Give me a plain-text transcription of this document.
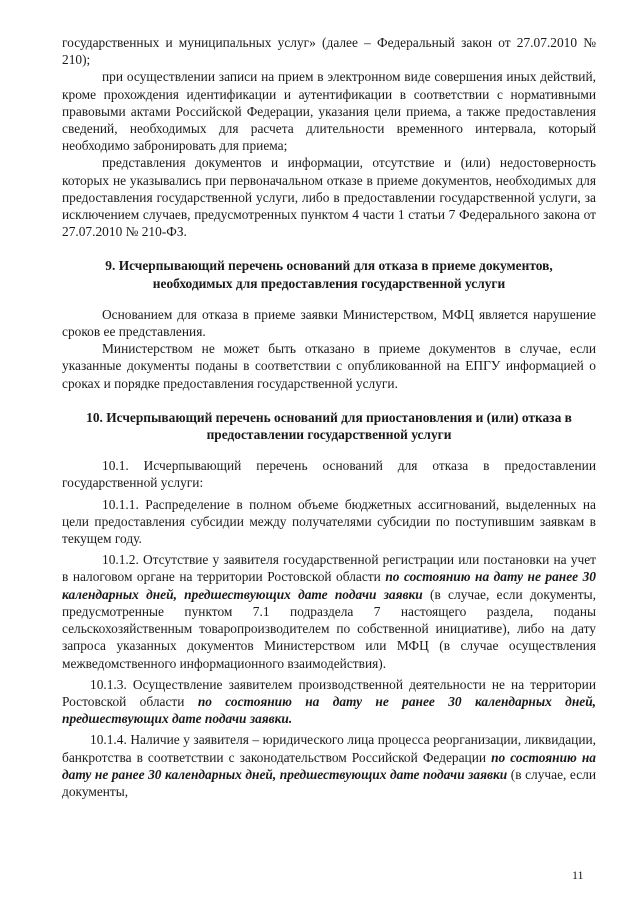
государственных и муниципальных услуг» (далее – Федеральный закон от 27.07.2010 № 210);

при осуществлении записи на прием в электронном виде совершения иных действий, кроме прохождения идентификации и аутентификации в соответствии с нормативными правовыми актами Российской Федерации, указания цели приема, а также предоставления сведений, необходимых для расчета длительности временного интервала, который необходимо забронировать для приема;

представления документов и информации, отсутствие и (или) недостоверность которых не указывались при первоначальном отказе в приеме документов, необходимых для предоставления государственной услуги, либо в предоставлении государственной услуги, за исключением случаев, предусмотренных пунктом 4 части 1 статьи 7 Федерального закона от 27.07.2010 № 210-ФЗ.

9. Исчерпывающий перечень оснований для отказа в приеме документов, необходимых для предоставления государственной услуги

Основанием для отказа в приеме заявки Министерством, МФЦ является нарушение сроков ее представления.

Министерством не может быть отказано в приеме документов в случае, если указанные документы поданы в соответствии с опубликованной на ЕПГУ информацией о сроках и порядке предоставления государственной услуги.

10. Исчерпывающий перечень оснований для приостановления и (или) отказа в предоставлении государственной услуги

10.1. Исчерпывающий перечень оснований для отказа в предоставлении государственной услуги:

10.1.1. Распределение в полном объеме бюджетных ассигнований, выделенных на цели предоставления субсидии между получателями субсидии по поступившим заявкам в текущем году.

10.1.2. Отсутствие у заявителя государственной регистрации или постановки на учет в налоговом органе на территории Ростовской области по состоянию на дату не ранее 30 календарных дней, предшествующих дате подачи заявки (в случае, если документы, предусмотренные пунктом 7.1 подраздела 7 настоящего раздела, поданы сельскохозяйственным товаропроизводителем по собственной инициативе), либо на дату запроса указанных документов Министерством или МФЦ (в случае осуществления межведомственного информационного взаимодействия).

10.1.3. Осуществление заявителем производственной деятельности не на территории Ростовской области по состоянию на дату не ранее 30 календарных дней, предшествующих дате подачи заявки.

10.1.4. Наличие у заявителя – юридического лица процесса реорганизации, ликвидации, банкротства в соответствии с законодательством Российской Федерации по состоянию на дату не ранее 30 календарных дней, предшествующих дате подачи заявки (в случае, если документы,

11
